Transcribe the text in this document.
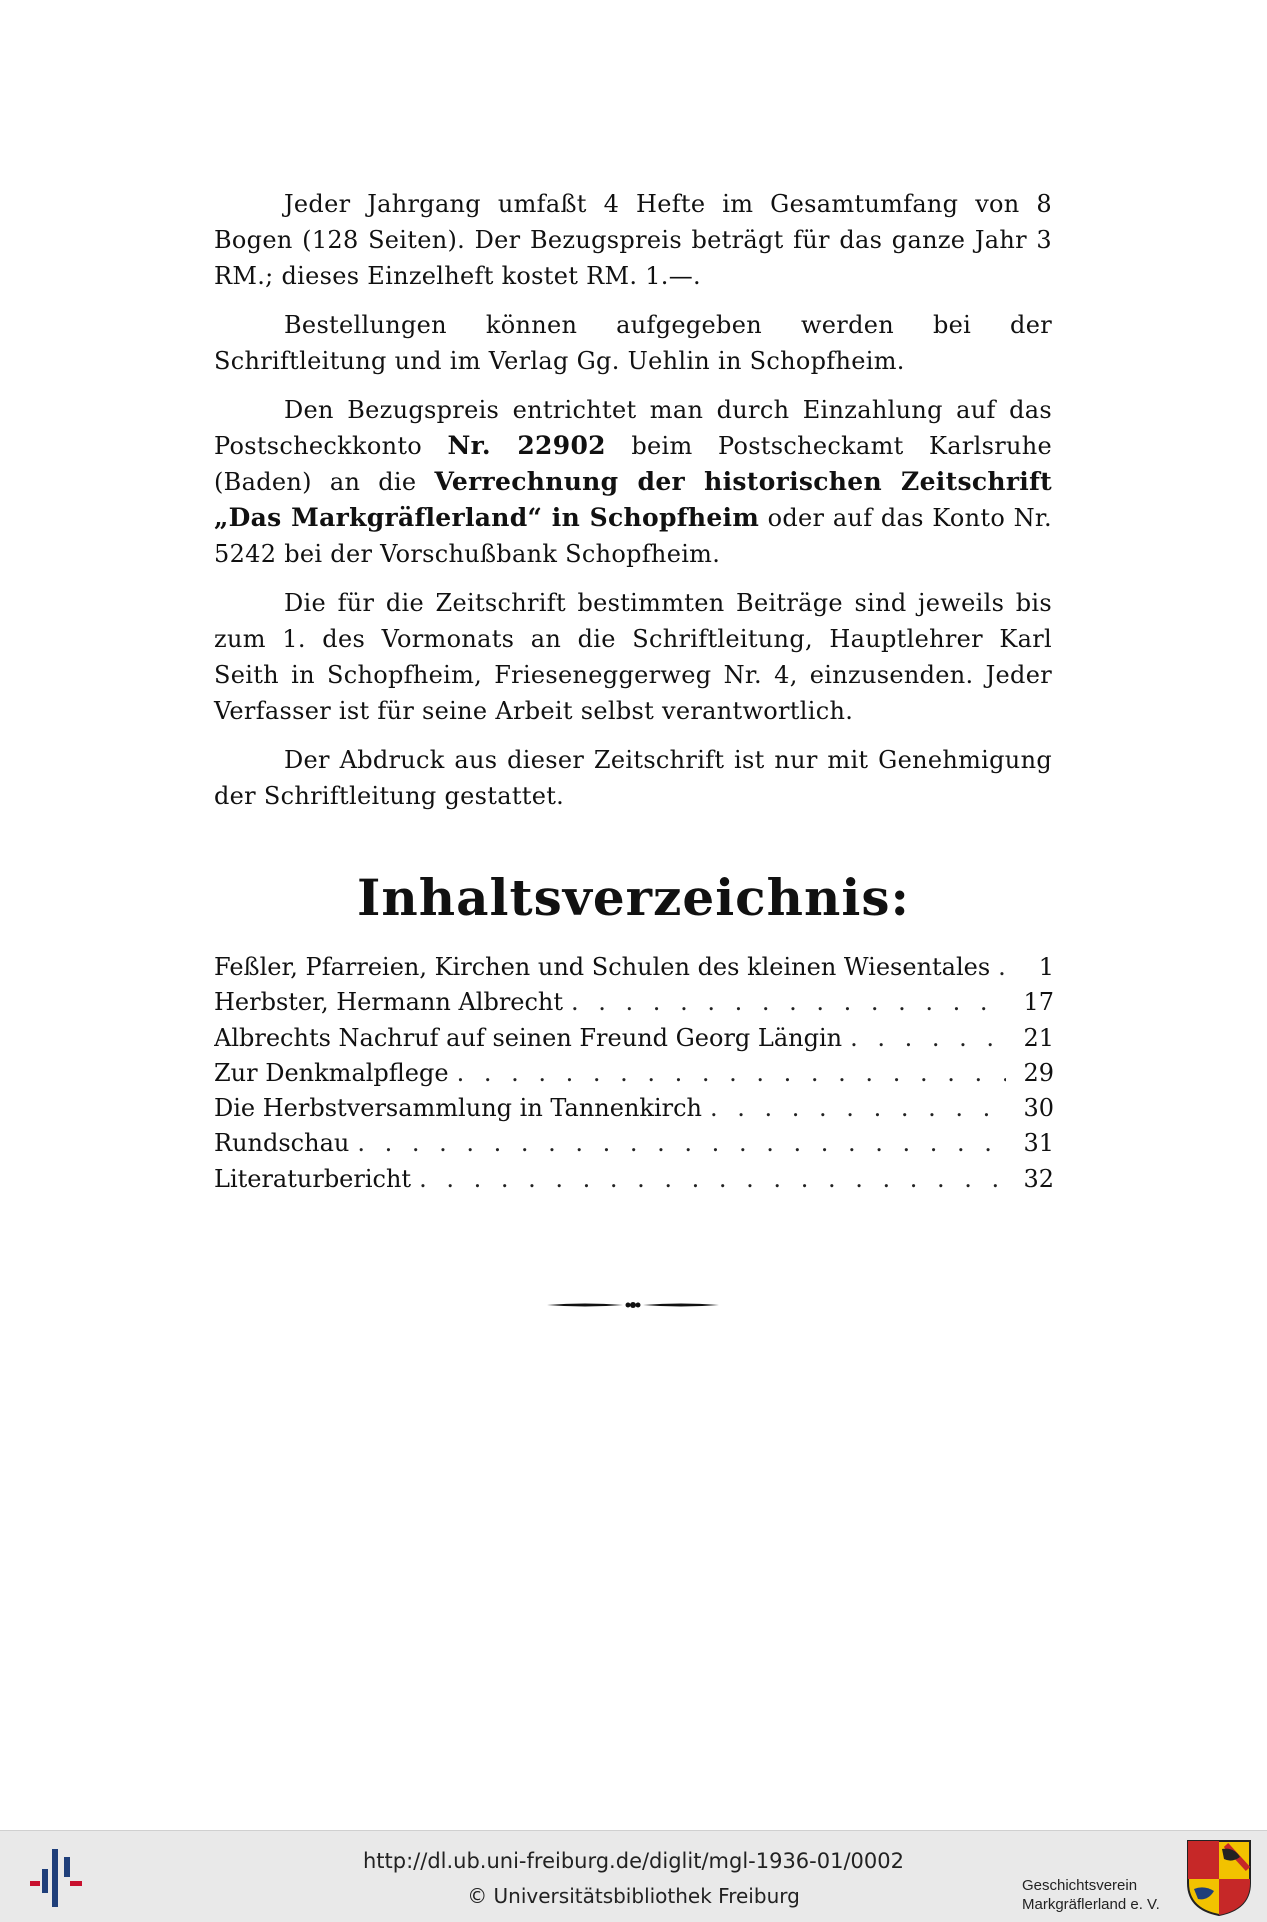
Jeder Jahrgang umfaßt 4 Hefte im Gesamtumfang von 8 Bogen (128 Seiten). Der Bezugspreis beträgt für das ganze Jahr 3 RM.; dieses Einzelheft kostet RM. 1.—.

Bestellungen können aufgegeben werden bei der Schriftleitung und im Verlag Gg. Uehlin in Schopfheim.

Den Bezugspreis entrichtet man durch Einzahlung auf das Postscheckkonto Nr. 22902 beim Postscheckamt Karlsruhe (Baden) an die Verrechnung der historischen Zeitschrift „Das Markgräflerland“ in Schopfheim oder auf das Konto Nr. 5242 bei der Vorschußbank Schopfheim.

Die für die Zeitschrift bestimmten Beiträge sind jeweils bis zum 1. des Vormonats an die Schriftleitung, Hauptlehrer Karl Seith in Schopfheim, Frieseneggerweg Nr. 4, einzusenden. Jeder Verfasser ist für seine Arbeit selbst verantwortlich.

Der Abdruck aus dieser Zeitschrift ist nur mit Genehmigung der Schriftleitung gestattet.

Inhaltsverzeichnis:
Feßler, Pfarreien, Kirchen und Schulen des kleinen Wiesentales . . .	1
Herbster, Hermann Albrecht . . .	17
Albrechts Nachruf auf seinen Freund Georg Längin . . .	21
Zur Denkmalpflege . . .	29
Die Herbstversammlung in Tannenkirch . . .	30
Rundschau . . .	31
Literaturbericht . . .	32
http://dl.ub.uni-freiburg.de/diglit/mgl-1936-01/0002
© Universitätsbibliothek Freiburg	Geschichtsverein
Markgräflerland e. V.
